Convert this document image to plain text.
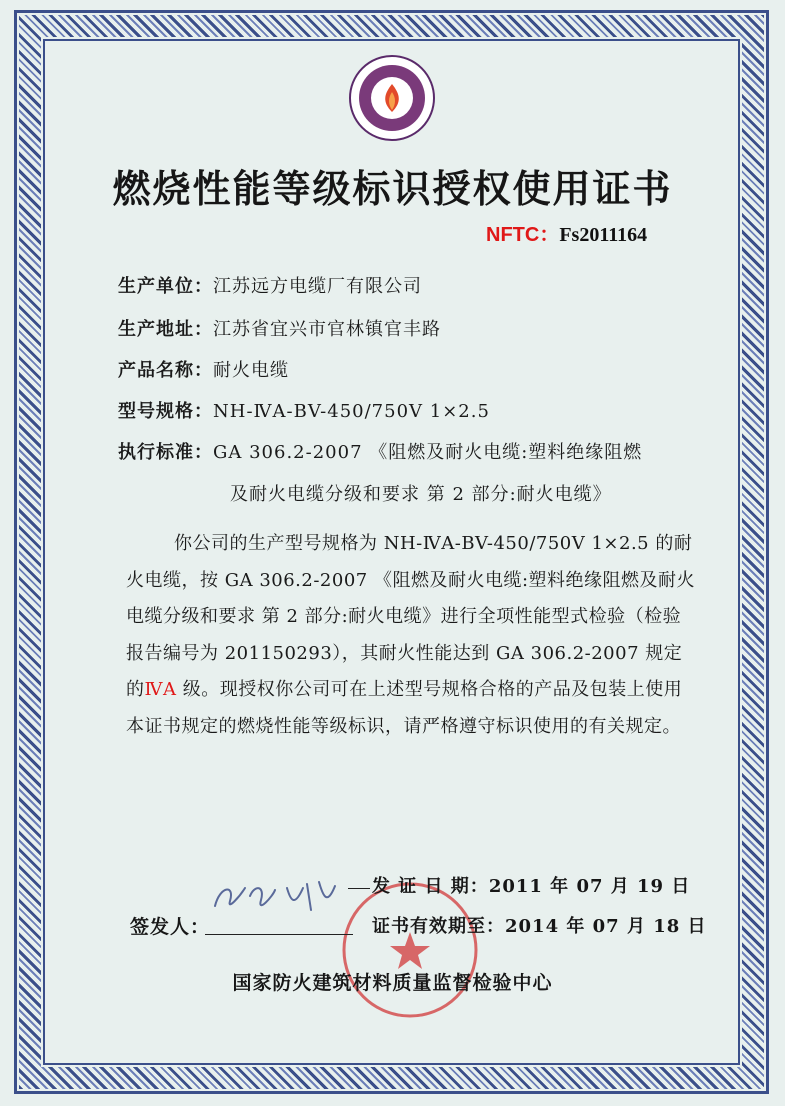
燃烧性能等级标识授权使用证书
NFTC：Fs2011164
生产单位：江苏远方电缆厂有限公司
生产地址：江苏省宜兴市官林镇官丰路
产品名称：耐火电缆
型号规格：NH-ⅣA-BV-450/750V 1×2.5
执行标准：GA 306.2-2007 《阻燃及耐火电缆:塑料绝缘阻燃
及耐火电缆分级和要求 第 2 部分:耐火电缆》
你公司的生产型号规格为 NH-ⅣA-BV-450/750V 1×2.5 的耐火电缆，按 GA 306.2-2007 《阻燃及耐火电缆:塑料绝缘阻燃及耐火电缆分级和要求 第 2 部分:耐火电缆》进行全项性能型式检验（检验报告编号为 201150293），其耐火性能达到 GA 306.2-2007 规定的ⅣA 级。现授权你公司可在上述型号规格合格的产品及包装上使用本证书规定的燃烧性能等级标识，请严格遵守标识使用的有关规定。
发 证 日 期：2011 年 07 月 19 日
签发人：	证书有效期至：2014 年 07 月 18 日
国家防火建筑材料质量监督检验中心
